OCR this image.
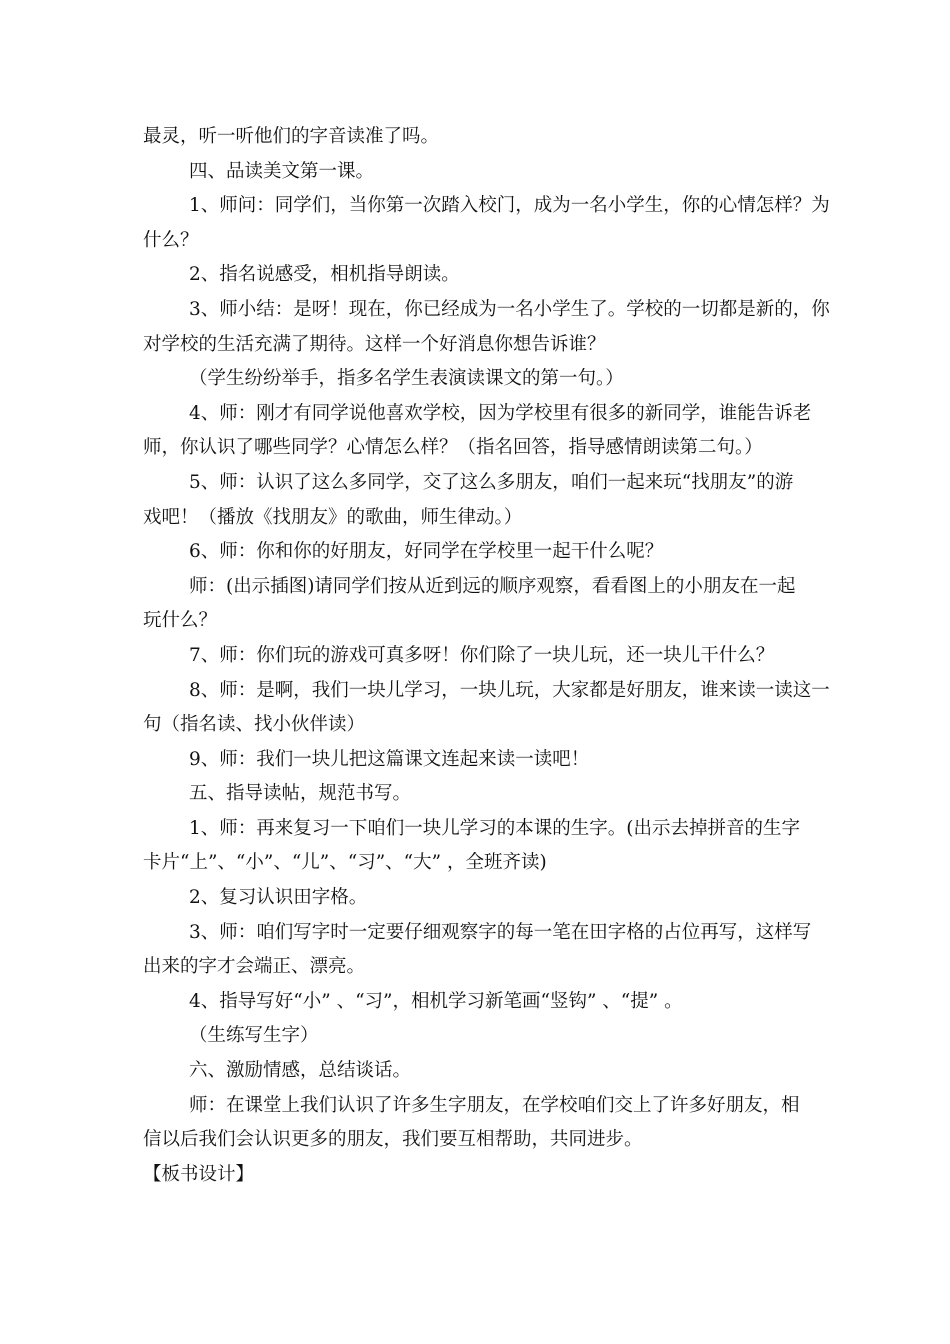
最灵，听一听他们的字音读准了吗。
四、品读美文第一课。
1、师问：同学们，当你第一次踏入校门，成为一名小学生，你的心情怎样？为
什么？
2、指名说感受，相机指导朗读。
3、师小结：是呀！现在，你已经成为一名小学生了。学校的一切都是新的，你
对学校的生活充满了期待。这样一个好消息你想告诉谁？
（学生纷纷举手，指多名学生表演读课文的第一句。）
4、师：刚才有同学说他喜欢学校，因为学校里有很多的新同学，谁能告诉老
师，你认识了哪些同学？心情怎么样？（指名回答，指导感情朗读第二句。）
5、师：认识了这么多同学，交了这么多朋友，咱们一起来玩“找朋友”的游
戏吧！（播放《找朋友》的歌曲，师生律动。）
6、师：你和你的好朋友，好同学在学校里一起干什么呢？
师：(出示插图)请同学们按从近到远的顺序观察，看看图上的小朋友在一起
玩什么？
7、师：你们玩的游戏可真多呀！你们除了一块儿玩，还一块儿干什么？
8、师：是啊，我们一块儿学习，一块儿玩，大家都是好朋友，谁来读一读这一
句（指名读、找小伙伴读）
9、师：我们一块儿把这篇课文连起来读一读吧！
五、指导读帖，规范书写。
1、师：再来复习一下咱们一块儿学习的本课的生字。(出示去掉拼音的生字
卡片“上”、“小”、“儿”、“习”、“大” ，全班齐读)
2、复习认识田字格。
3、师：咱们写字时一定要仔细观察字的每一笔在田字格的占位再写，这样写
出来的字才会端正、漂亮。
4、指导写好“小” 、“习”，相机学习新笔画“竖钩” 、“提” 。
（生练写生字）
六、激励情感，总结谈话。
师：在课堂上我们认识了许多生字朋友，在学校咱们交上了许多好朋友，相
信以后我们会认识更多的朋友，我们要互相帮助，共同进步。
【板书设计】
